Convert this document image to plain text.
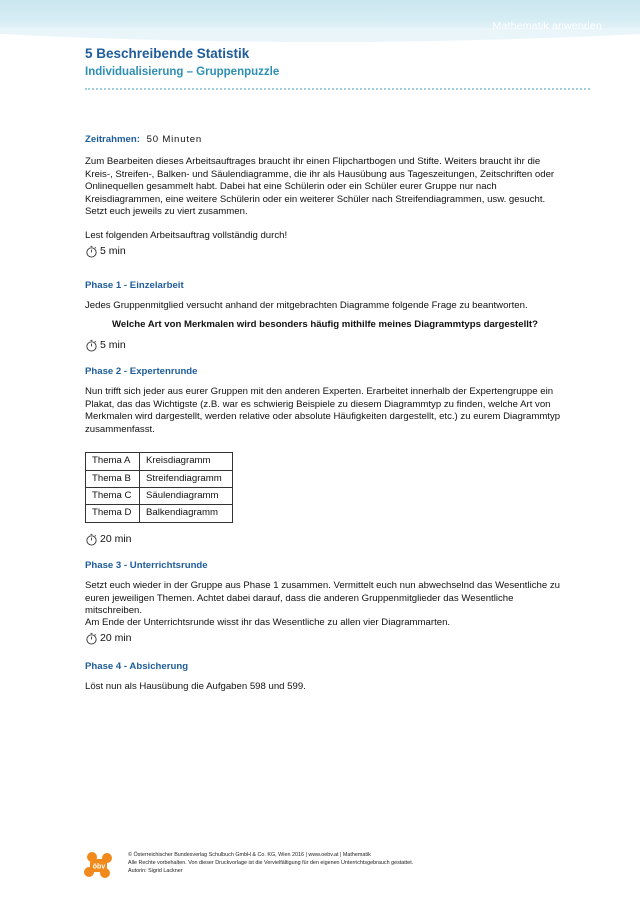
Mathematik anwenden
5 Beschreibende Statistik
Individualisierung – Gruppenpuzzle
Zeitrahmen: 50 Minuten

Zum Bearbeiten dieses Arbeitsauftrages braucht ihr einen Flipchartbogen und Stifte. Weiters braucht ihr die Kreis-, Streifen-, Balken- und Säulendiagramme, die ihr als Hausübung aus Tageszeitungen, Zeitschriften oder Onlinequellen gesammelt habt. Dabei hat eine Schülerin oder ein Schüler eurer Gruppe nur nach Kreisdiagrammen, eine weitere Schülerin oder ein weiterer Schüler nach Streifendiagrammen, usw. gesucht.

Setzt euch jeweils zu viert zusammen.

Lest folgenden Arbeitsauftrag vollständig durch!

5 min
Phase 1 - Einzelarbeit

Jedes Gruppenmitglied versucht anhand der mitgebrachten Diagramme folgende Frage zu beantworten.

Welche Art von Merkmalen wird besonders häufig mithilfe meines Diagrammtyps dargestellt?

5 min
Phase 2 - Expertenrunde

Nun trifft sich jeder aus eurer Gruppen mit den anderen Experten. Erarbeitet innerhalb der Expertengruppe ein Plakat, das das Wichtigste (z.B. war es schwierig Beispiele zu diesem Diagrammtyp zu finden, welche Art von Merkmalen wird dargestellt, werden relative oder absolute Häufigkeiten dargestellt, etc.) zu eurem Diagrammtyp zusammenfasst.

Thema A	Kreisdiagramm
Thema B	Streifendiagramm
Thema C	Säulendiagramm
Thema D	Balkendiagramm
20 min
Phase 3 - Unterrichtsrunde

Setzt euch wieder in der Gruppe aus Phase 1 zusammen. Vermittelt euch nun abwechselnd das Wesentliche zu euren jeweiligen Themen. Achtet dabei darauf, dass die anderen Gruppenmitglieder das Wesentliche mitschreiben.

Am Ende der Unterrichtsrunde wisst ihr das Wesentliche zu allen vier Diagrammarten.

20 min
Phase 4 - Absicherung

Löst nun als Hausübung die Aufgaben 598 und 599.

öbv
© Österreichischer Bundesverlag Schulbuch GmbH & Co. KG, Wien 2016 | www.oebv.at | Mathematik
Alle Rechte vorbehalten. Von dieser Druckvorlage ist die Vervielfältigung für den eigenen Unterrichtsgebrauch gestattet.
Autorin: Sigrid Lackner
